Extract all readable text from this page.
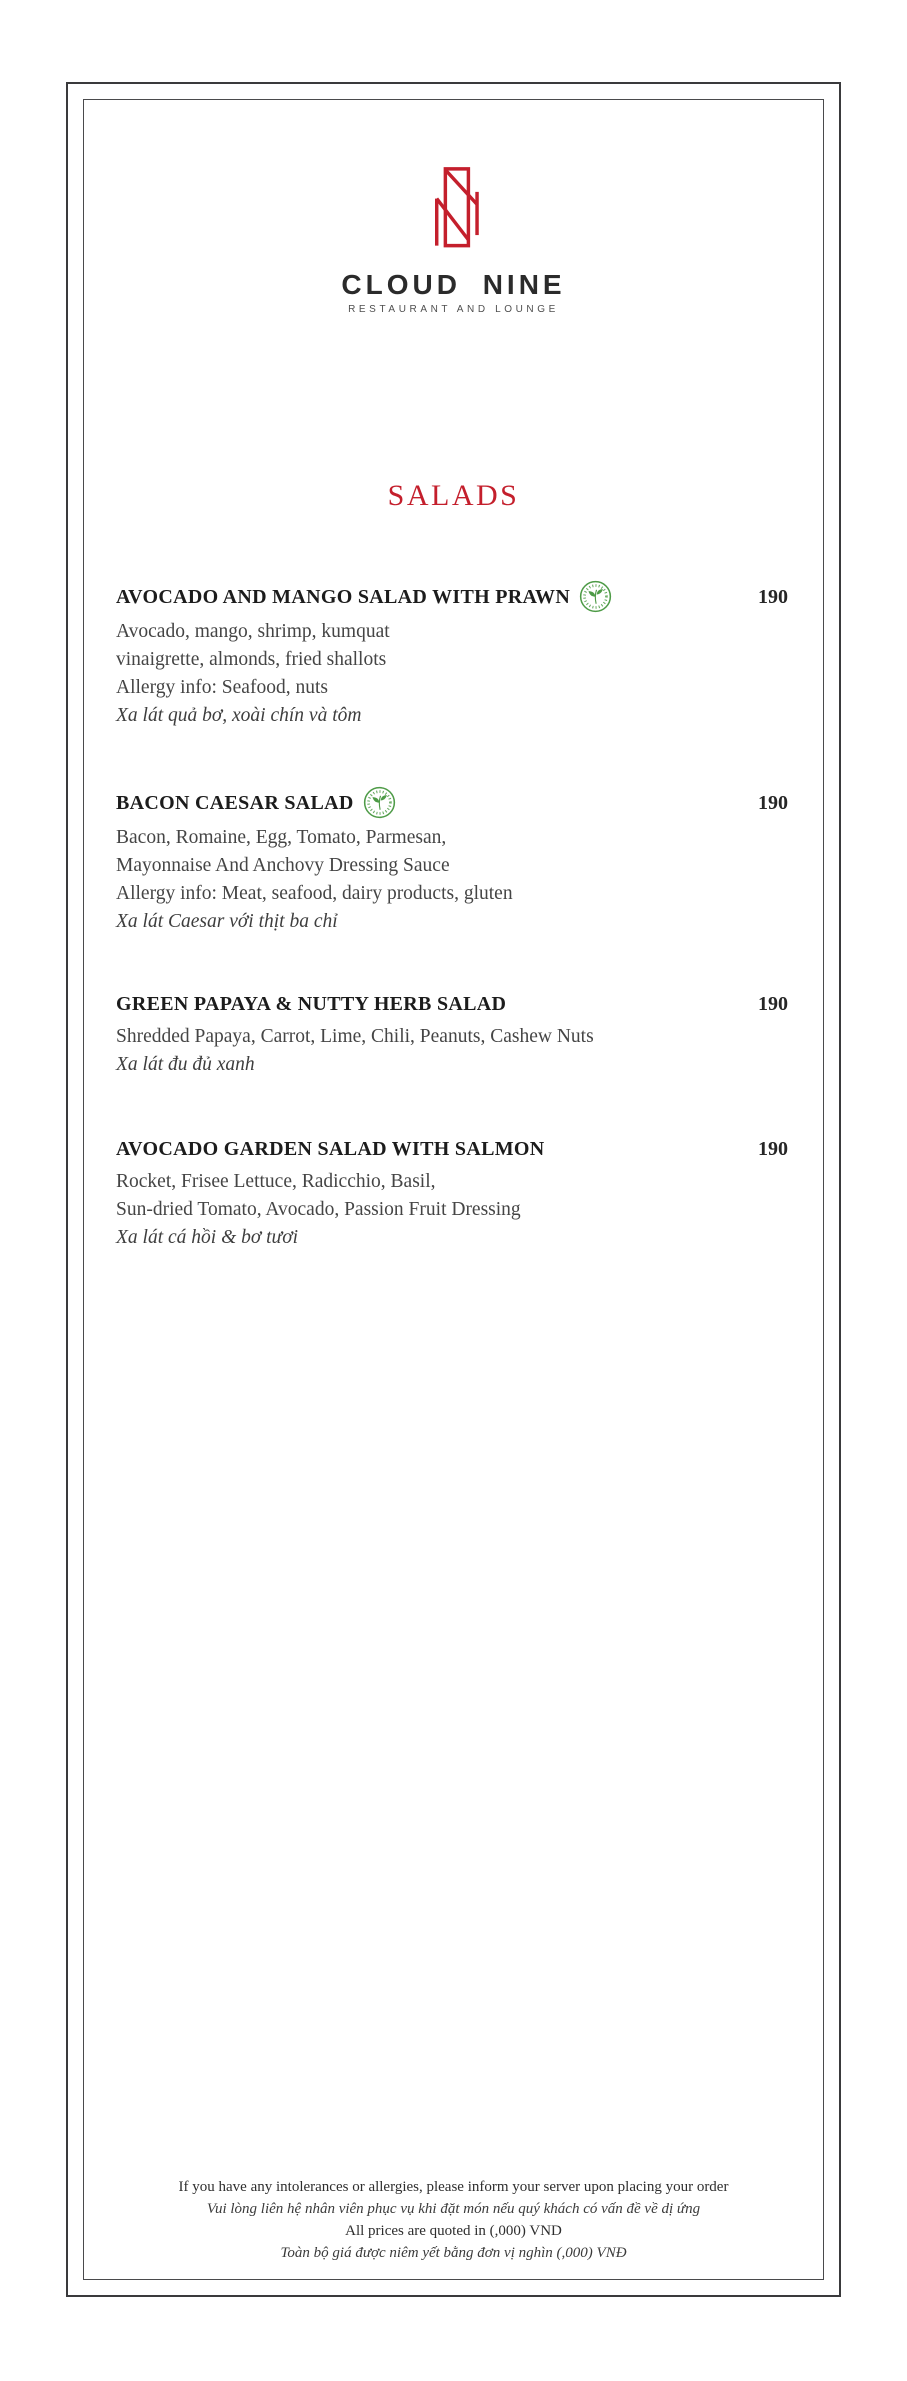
CLOUD NINE
RESTAURANT AND LOUNGE
SALADS
AVOCADO AND MANGO SALAD WITH PRAWN	190

Avocado, mango, shrimp, kumquat

vinaigrette, almonds, fried shallots

Allergy info: Seafood, nuts

Xa lát quả bơ, xoài chín và tôm

BACON CAESAR SALAD	190

Bacon, Romaine, Egg, Tomato, Parmesan,

Mayonnaise And Anchovy Dressing Sauce

Allergy info: Meat, seafood, dairy products, gluten

Xa lát Caesar với thịt ba chỉ

GREEN PAPAYA & NUTTY HERB SALAD	190

Shredded Papaya, Carrot, Lime, Chili, Peanuts, Cashew Nuts

Xa lát đu đủ xanh

AVOCADO GARDEN SALAD WITH SALMON	190

Rocket, Frisee Lettuce, Radicchio, Basil,

Sun-dried Tomato, Avocado, Passion Fruit Dressing

Xa lát cá hồi & bơ tươi

If you have any intolerances or allergies, please inform your server upon placing your order

Vui lòng liên hệ nhân viên phục vụ khi đặt món nếu quý khách có vấn đề về dị ứng

All prices are quoted in (,000) VND

Toàn bộ giá được niêm yết bằng đơn vị nghìn (,000) VNĐ
